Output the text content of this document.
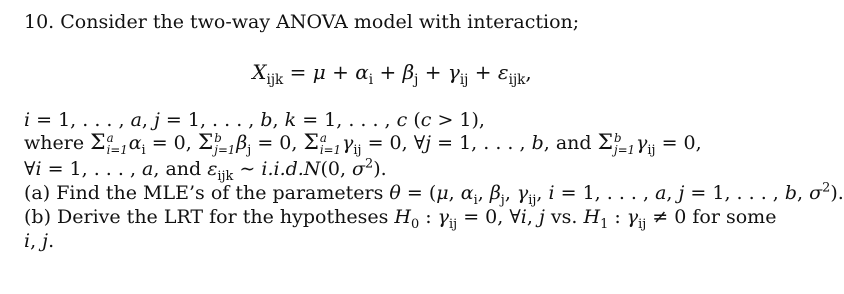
10. Consider the two-way ANOVA model with interaction;
$X_{ijk} = \mu + \alpha_i + \beta_j + \gamma_{ij} + \varepsilon_{ijk}$,
i = 1, . . . , a, j = 1, . . . , b, k = 1, . . . , c (c > 1),
where Σ a
i=1 $\alpha_i = 0$, Σ b
j=1 $\beta_j = 0$, Σ a
i=1 $\gamma_{ij} = 0$, ∀j = 1, . . . , b, and Σ b
j=1 $\gamma_{ij} = 0$,
∀i = 1, . . . , a, and $\varepsilon_{ijk}$ ∼ i.i.d.N(0, $\sigma^2$).
(a) Find the MLE’s of the parameters θ = (μ, $\alpha_i$, $\beta_j$, $\gamma_{ij}$, i = 1, . . . , a, j = 1, . . . , b, $\sigma^2$).
(b) Derive the LRT for the hypotheses $H_0$ : $\gamma_{ij} = 0$, ∀i, j vs. $H_1$ : $\gamma_{ij} \ne 0$ for some
i, j.
